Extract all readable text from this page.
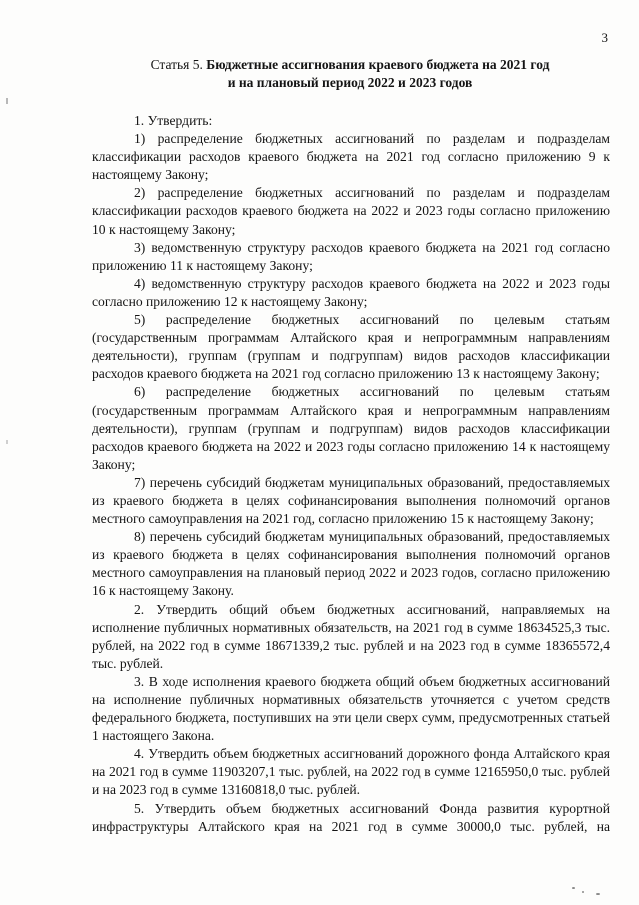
3
Статья 5. Бюджетные ассигнования краевого бюджета на 2021 год
и на плановый период 2022 и 2023 годов

1. Утвердить:

1) распределение бюджетных ассигнований по разделам и подразделам классификации расходов краевого бюджета на 2021 год согласно приложению 9 к настоящему Закону;

2) распределение бюджетных ассигнований по разделам и подразделам классификации расходов краевого бюджета на 2022 и 2023 годы согласно приложению 10 к настоящему Закону;

3) ведомственную структуру расходов краевого бюджета на 2021 год согласно приложению 11 к настоящему Закону;

4) ведомственную структуру расходов краевого бюджета на 2022 и 2023 годы согласно приложению 12 к настоящему Закону;

5) распределение бюджетных ассигнований по целевым статьям (государственным программам Алтайского края и непрограммным направлениям деятельности), группам (группам и подгруппам) видов расходов классификации расходов краевого бюджета на 2021 год согласно приложению 13 к настоящему Закону;

6) распределение бюджетных ассигнований по целевым статьям (государственным программам Алтайского края и непрограммным направлениям деятельности), группам (группам и подгруппам) видов расходов классификации расходов краевого бюджета на 2022 и 2023 годы согласно приложению 14 к настоящему Закону;

7) перечень субсидий бюджетам муниципальных образований, предоставляемых из краевого бюджета в целях софинансирования выполнения полномочий органов местного самоуправления на 2021 год, согласно приложению 15 к настоящему Закону;

8) перечень субсидий бюджетам муниципальных образований, предоставляемых из краевого бюджета в целях софинансирования выполнения полномочий органов местного самоуправления на плановый период 2022 и 2023 годов, согласно приложению 16 к настоящему Закону.

2. Утвердить общий объем бюджетных ассигнований, направляемых на исполнение публичных нормативных обязательств, на 2021 год в сумме 18634525,3 тыс. рублей, на 2022 год в сумме 18671339,2 тыс. рублей и на 2023 год в сумме 18365572,4 тыс. рублей.

3. В ходе исполнения краевого бюджета общий объем бюджетных ассигнований на исполнение публичных нормативных обязательств уточняется с учетом средств федерального бюджета, поступивших на эти цели сверх сумм, предусмотренных статьей 1 настоящего Закона.

4. Утвердить объем бюджетных ассигнований дорожного фонда Алтайского края на 2021 год в сумме 11903207,1 тыс. рублей, на 2022 год в сумме 12165950,0 тыс. рублей и на 2023 год в сумме 13160818,0 тыс. рублей.

5. Утвердить объем бюджетных ассигнований Фонда развития курортной инфраструктуры Алтайского края на 2021 год в сумме 30000,0 тыс. рублей, на
